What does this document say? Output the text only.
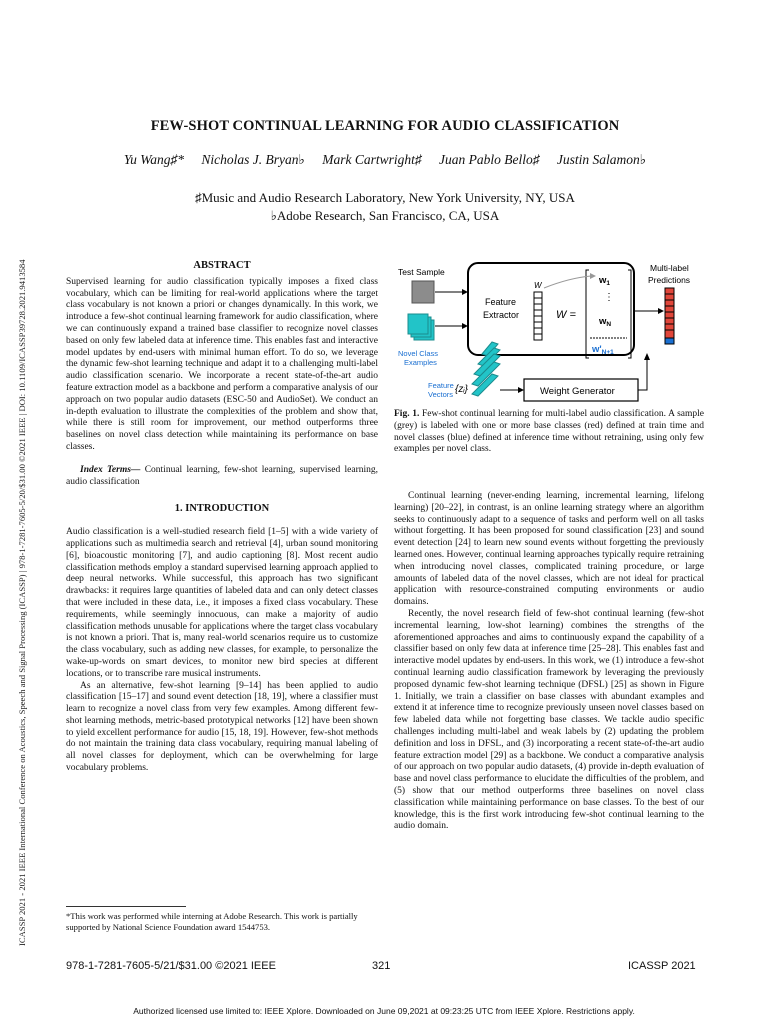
ICASSP 2021 - 2021 IEEE International Conference on Acoustics, Speech and Signal Processing (ICASSP) | 978-1-7281-7605-5/20/$31.00 ©2021 IEEE | DOI: 10.1109/ICASSP39728.2021.9413584
FEW-SHOT CONTINUAL LEARNING FOR AUDIO CLASSIFICATION
Yu Wang♯* Nicholas J. Bryan♭ Mark Cartwright♯ Juan Pablo Bello♯ Justin Salamon♭
♯Music and Audio Research Laboratory, New York University, NY, USA
♭Adobe Research, San Francisco, CA, USA

ABSTRACT

Supervised learning for audio classification typically imposes a fixed class vocabulary, which can be limiting for real-world applications where the target class vocabulary is not known a priori or changes dynamically. In this work, we introduce a few-shot continual learning framework for audio classification, where we can continuously expand a trained base classifier to recognize novel classes based on only few labeled data at inference time. This enables fast and interactive model updates by end-users with minimal human effort. To do so, we leverage the dynamic few-shot learning technique and adapt it to a challenging multi-label audio classification scenario. We incorporate a recent state-of-the-art audio feature extraction model as a backbone and perform a comparative analysis of our approach on two popular audio datasets (ESC-50 and AudioSet). We conduct an in-depth evaluation to illustrate the complexities of the problem and show that, while there is still room for improvement, our method outperforms three baselines on novel class detection while maintaining its performance on base classes.

Index Terms— Continual learning, few-shot learning, supervised learning, audio classification

1. INTRODUCTION

Audio classification is a well-studied research field [1–5] with a wide variety of applications such as multimedia search and retrieval [4], urban sound monitoring [6], bioacoustic monitoring [7], and audio captioning [8]. Most recent audio classification methods employ a standard supervised learning approach applied to deep neural networks. While successful, this approach has two significant drawbacks: it requires large quantities of labeled data and can only detect classes that were included in these data, i.e., it imposes a fixed class vocabulary. These requirements, while seemingly innocuous, can make a majority of audio classification methods unusable for applications where the target class vocabulary is not known a priori. That is, many real-world scenarios require us to customize the class vocabulary, such as adding new classes, for example, to personalize the wake-up-words on smart devices, to monitor new bird species at different locations, or to transcribe rare musical instruments.

As an alternative, few-shot learning [9–14] has been applied to audio classification [15–17] and sound event detection [18, 19], where a classifier must learn to recognize a novel class from very few examples. Among different few-shot learning methods, metric-based prototypical networks [12] have been shown to yield excellent performance for audio [15, 18, 19]. However, few-shot methods do not maintain the training data class vocabulary, requiring manual labeling of all novel classes for deployment, which can be overwhelming for large vocabulary problems.

*This work was performed while interning at Adobe Research. This work is partially supported by National Science Foundation award 1544753.
Test Sample
Novel Class
Examples
Feature
Extractor
W
W =
$w_1$
⋮
$w_N$
$w'_{N+1}$
Multi-label
Predictions
Feature
Vectors {zᵢ}	Weight Generator
Fig. 1. Few-shot continual learning for multi-label audio classification. A sample (grey) is labeled with one or more base classes (red) defined at train time and novel classes (blue) defined at inference time without retraining, using only few examples per novel class.

Continual learning (never-ending learning, incremental learning, lifelong learning) [20–22], in contrast, is an online learning strategy where an algorithm seeks to continuously adapt to a sequence of tasks and perform well on all tasks without forgetting. It has been proposed for sound classification [23] and sound event detection [24] to learn new sound events without forgetting the previously learned ones. However, continual learning approaches typically require retraining when introducing novel classes, complicated training procedure, or large amounts of labeled data of the novel classes, which are not ideal for practical application with resource-constrained computing environments or audio domains.

Recently, the novel research field of few-shot continual learning (few-shot incremental learning, low-shot learning) combines the strengths of the aforementioned approaches and aims to continuously expand the capability of a classifier based on only few data at inference time [25–28]. This enables fast and interactive model updates by end-users. In this work, we (1) introduce a few-shot continual learning audio classification framework by leveraging the previously proposed dynamic few-shot learning technique (DFSL) [25] as shown in Figure 1. Initially, we train a classifier on base classes with abundant examples and extend it at inference time to recognize previously unseen novel classes based on few labeled data while not forgetting base classes. We tackle audio specific challenges including multi-label and weak labels by (2) updating the problem definition and loss in DFSL, and (3) incorporating a recent state-of-the-art audio feature extraction model [29] as a backbone. We conduct a comparative analysis of our approach on two popular audio datasets, (4) provide in-depth evaluation of base and novel class performance to elucidate the difficulties of the problem, and (5) show that our method outperforms three baselines on novel class classification while maintaining performance on base classes. To the best of our knowledge, this is the first work introducing few-shot continual learning to the audio domain.

978-1-7281-7605-5/21/$31.00 ©2021 IEEE	321	ICASSP 2021
Authorized licensed use limited to: IEEE Xplore. Downloaded on June 09,2021 at 09:23:25 UTC from IEEE Xplore. Restrictions apply.
